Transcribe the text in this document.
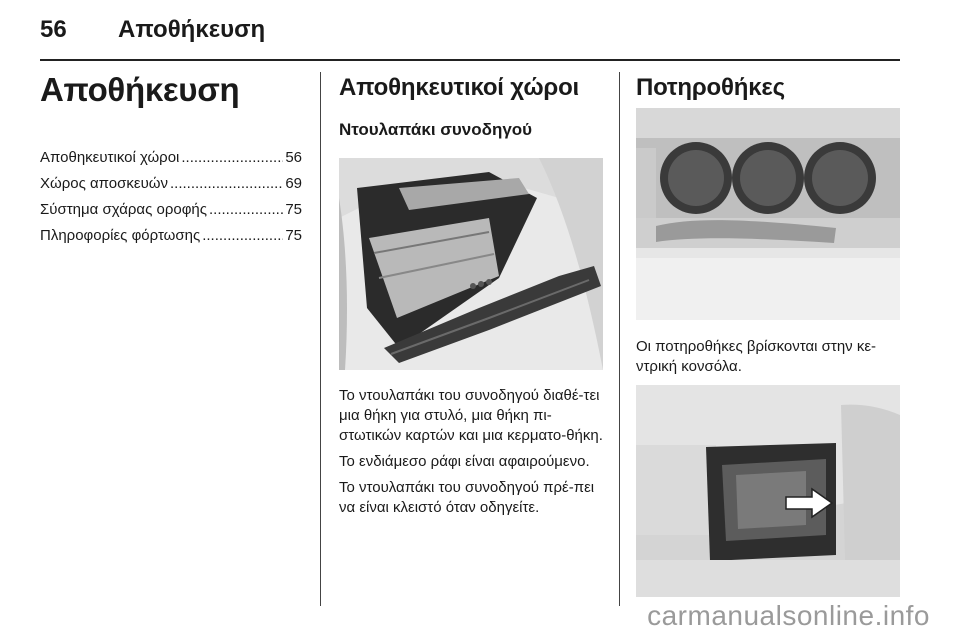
56 Αποθήκευση
Αποθήκευση
Αποθηκευτικοί χώροι .....	56
Χώρος αποσκευών .....	69
Σύστημα σχάρας οροφής .....	75
Πληροφορίες φόρτωσης .....	75
Αποθηκευτικοί χώροι
Ντουλαπάκι συνοδηγού

Το ντουλαπάκι του συνοδηγού διαθέ-τει μια θήκη για στυλό, μια θήκη πι-στωτικών καρτών και μια κερματο-θήκη.

Το ενδιάμεσο ράφι είναι αφαιρούμενο.

Το ντουλαπάκι του συνοδηγού πρέ-πει να είναι κλειστό όταν οδηγείτε.

Ποτηροθήκες

Οι ποτηροθήκες βρίσκονται στην κε-ντρική κονσόλα.

carmanualsonline.info
